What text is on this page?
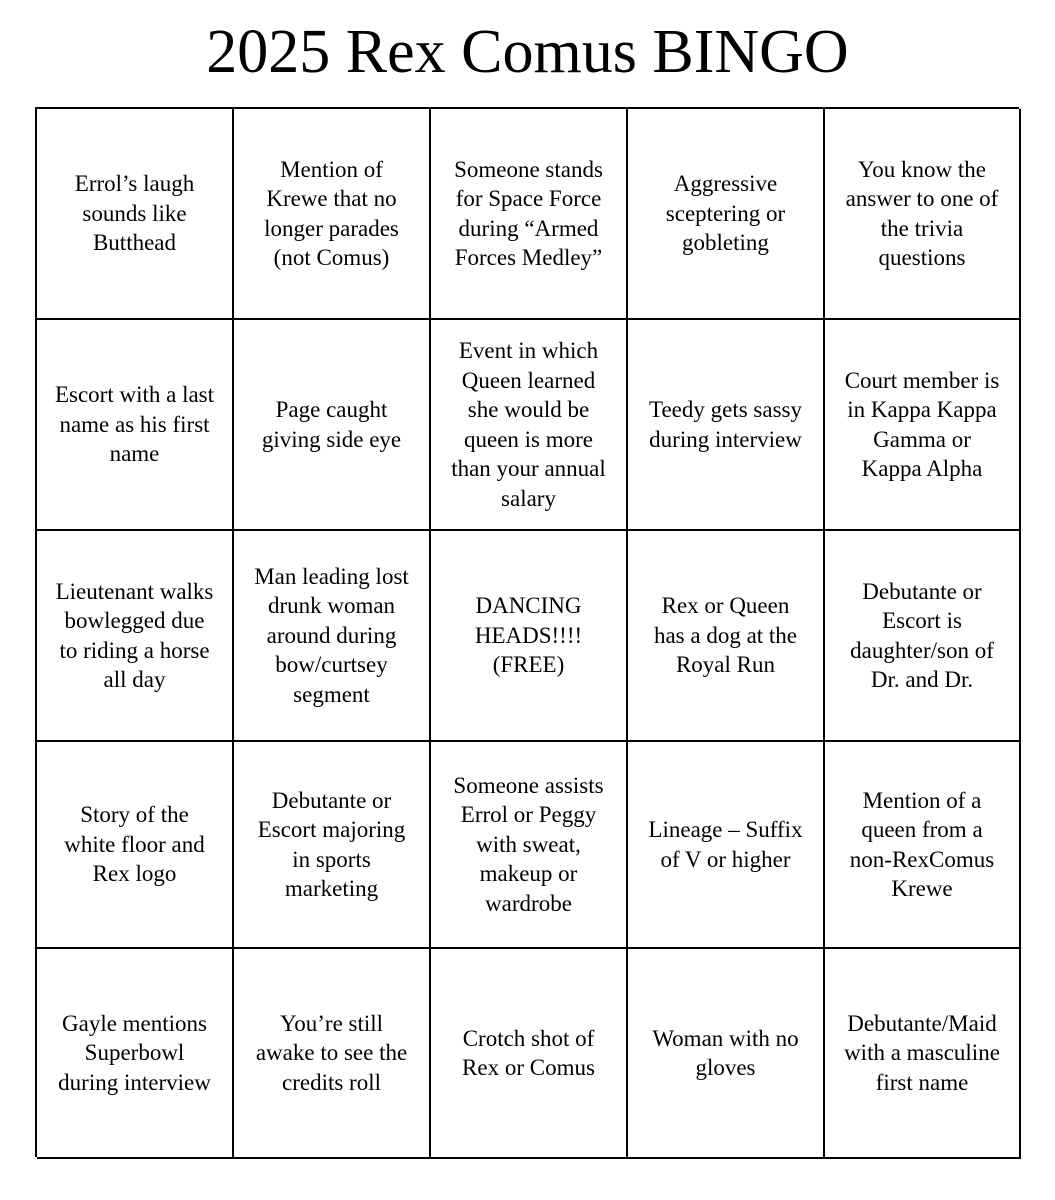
2025 Rex Comus BINGO
Errol’s laugh
sounds like
Butthead
Mention of
Krewe that no
longer parades
(not Comus)
Someone stands
for Space Force
during “Armed
Forces Medley”
Aggressive
sceptering or
gobleting
You know the
answer to one of
the trivia
questions
Escort with a last
name as his first
name
Page caught
giving side eye
Event in which
Queen learned
she would be
queen is more
than your annual
salary
Teedy gets sassy
during interview
Court member is
in Kappa Kappa
Gamma or
Kappa Alpha
Lieutenant walks
bowlegged due
to riding a horse
all day
Man leading lost
drunk woman
around during
bow/curtsey
segment
DANCING
HEADS!!!!
(FREE)
Rex or Queen
has a dog at the
Royal Run
Debutante or
Escort is
daughter/son of
Dr. and Dr.
Story of the
white floor and
Rex logo
Debutante or
Escort majoring
in sports
marketing
Someone assists
Errol or Peggy
with sweat,
makeup or
wardrobe
Lineage – Suffix
of V or higher
Mention of a
queen from a
non-RexComus
Krewe
Gayle mentions
Superbowl
during interview
You’re still
awake to see the
credits roll
Crotch shot of
Rex or Comus
Woman with no
gloves
Debutante/Maid
with a masculine
first name
